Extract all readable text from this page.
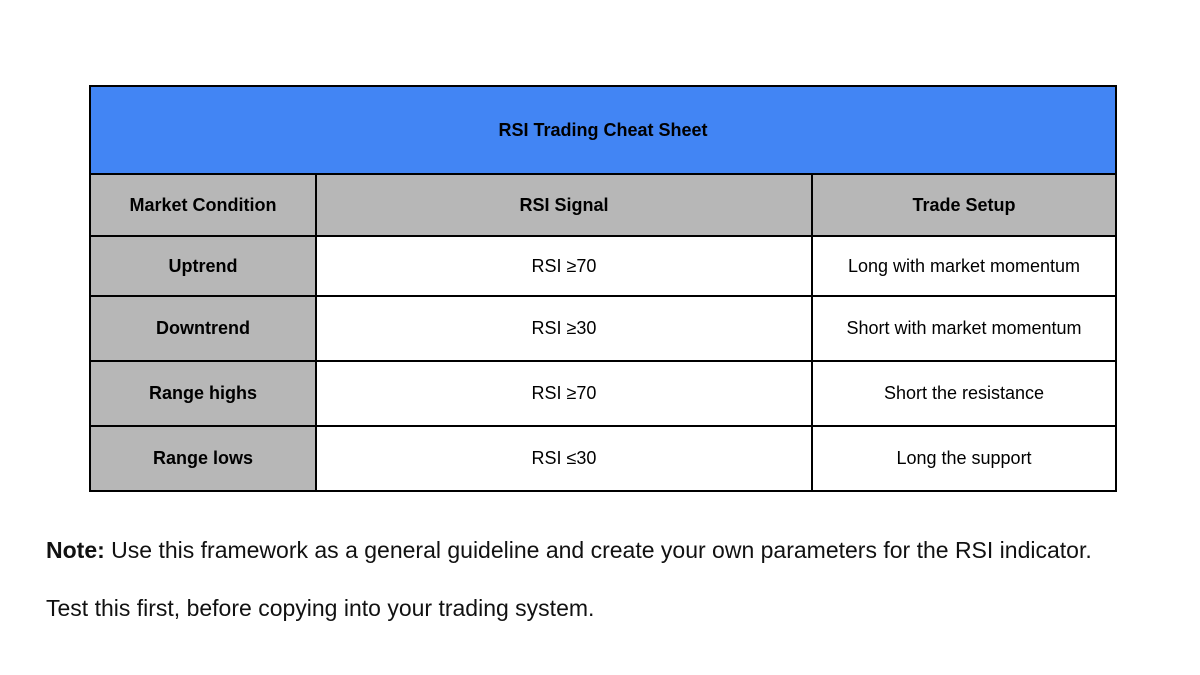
RSI Trading Cheat Sheet		
Market Condition	RSI Signal	Trade Setup
Uptrend	RSI ≥70	Long with market momentum
Downtrend	RSI ≥30	Short with market momentum
Range highs	RSI ≥70	Short the resistance
Range lows	RSI ≤30	Long the support

Note: Use this framework as a general guideline and create your own parameters for the RSI indicator.

Test this first, before copying into your trading system.
